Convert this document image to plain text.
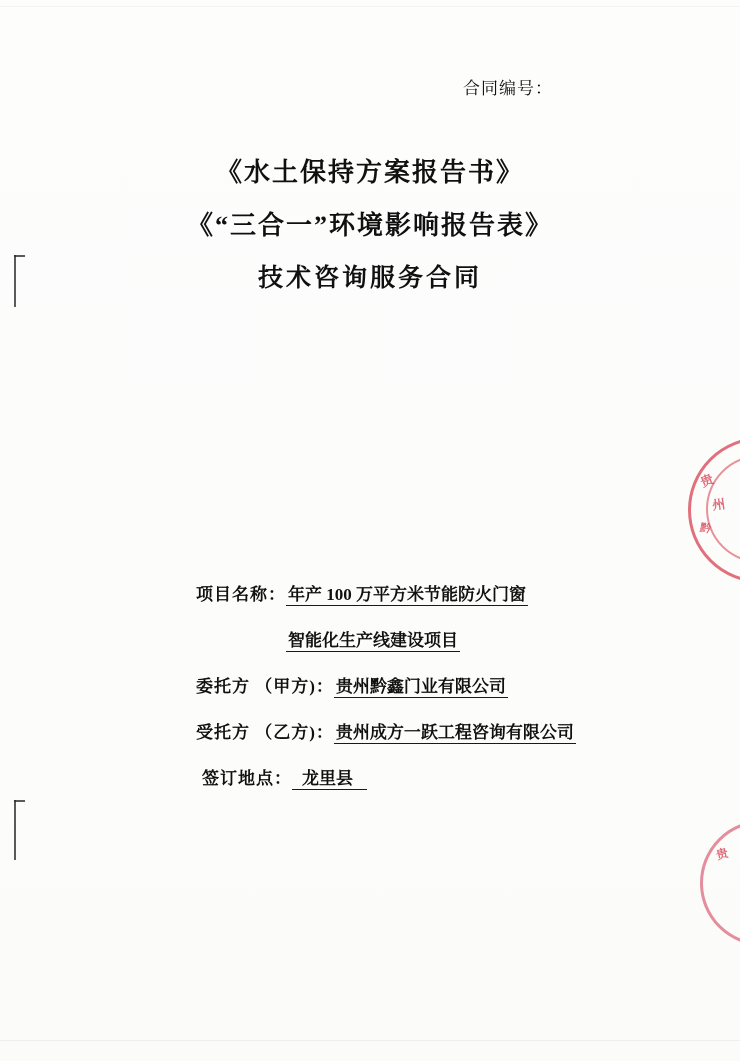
合同编号：
《水土保持方案报告书》
《“三合一”环境影响报告表》
技术咨询服务合同
项目名称： 年产 100 万平方米节能防火门窗
智能化生产线建设项目
委托方 （甲方)： 贵州黔鑫门业有限公司
受托方 （乙方)： 贵州成方一跃工程咨询有限公司
签订地点： 龙里县
贵
州
黔
贵
